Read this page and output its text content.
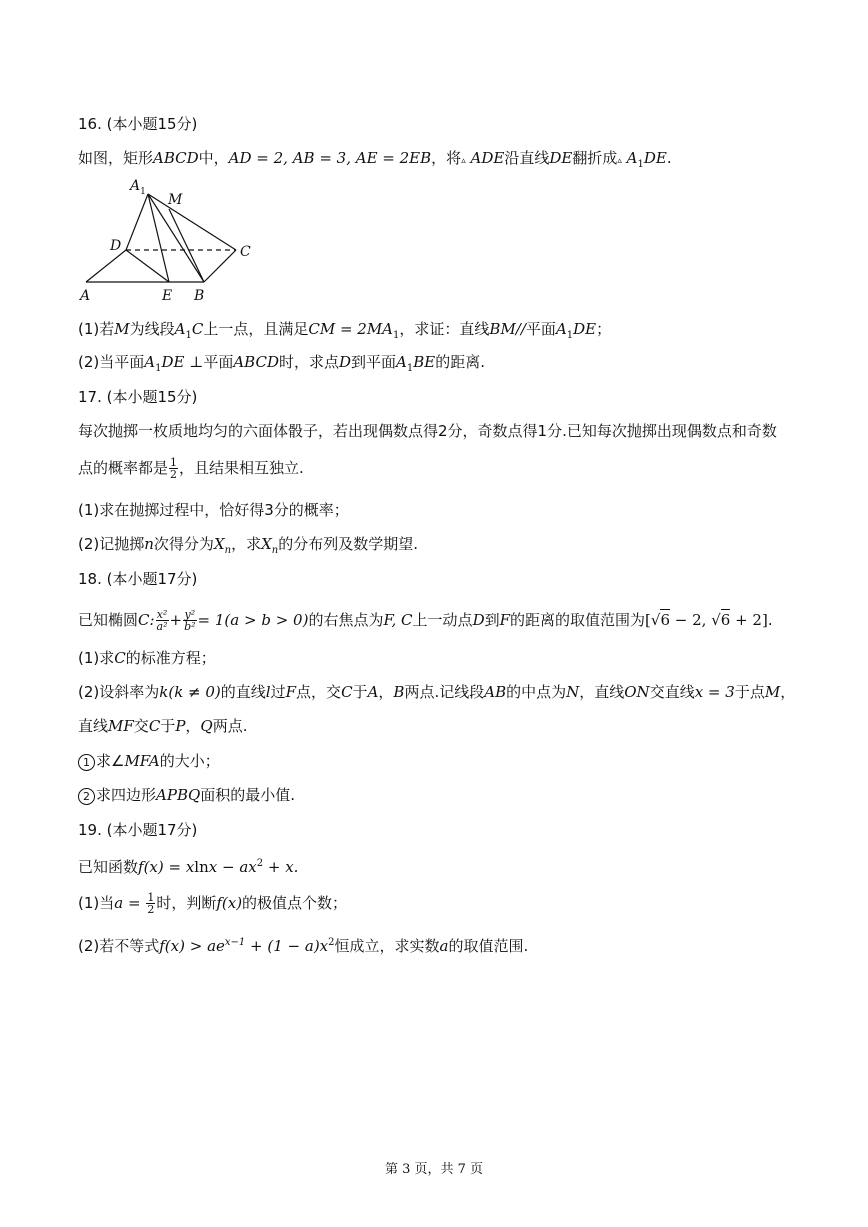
16. (本小题15分)
如图，矩形ABCD中，AD = 2, AB = 3, AE = 2EB，将▵ ADE沿直线DE翻折成▵ $A_1DE$.
$A_1$ M
D	C
A	E B
(1)若M为线段$A_1C$上一点，且满足CM = $2MA_1$，求证：直线BM//平面$A_1DE$；
(2)当平面$A_1DE$ ⊥平面ABCD时，求点D到平面$A_1BE$的距离.
17. (本小题15分)
每次抛掷一枚质地均匀的六面体骰子，若出现偶数点得2分，奇数点得1分.已知每次抛掷出现偶数点和奇数
点的概率都是 $\frac{1}{2}$ ，且结果相互独立.
(1)求在抛掷过程中，恰好得3分的概率；
(2)记抛掷n次得分为$X_n$，求$X_n$的分布列及数学期望.
18. (本小题17分)
已知椭圆C: $\frac{\text{x²}}{\text{a²}} + \frac{\text{y²}}{\text{b²}} = 1(a > b > 0)$的右焦点为F, C上一动点D到F的距离的取值范围为[√6 − 2, √6 + 2].
(1)求C的标准方程；
(2)设斜率为k(k ≠ 0)的直线l过F点，交C于A，B两点.记线段AB的中点为N，直线ON交直线x = 3于点M，
直线MF交C于P，Q两点.
1 求∠MFA的大小；
2 求四边形APBQ面积的最小值.
19. (本小题17分)
已知函数$f(x) = xlnx - ax^2 + x$.
(1)当$a = \frac{1}{2}$ 时，判断f(x)的极值点个数；
(2)若不等式$f(x) > ae^{x-1} + (1 - a)x^2$恒成立，求实数a的取值范围.
第 3 页，共 7 页
